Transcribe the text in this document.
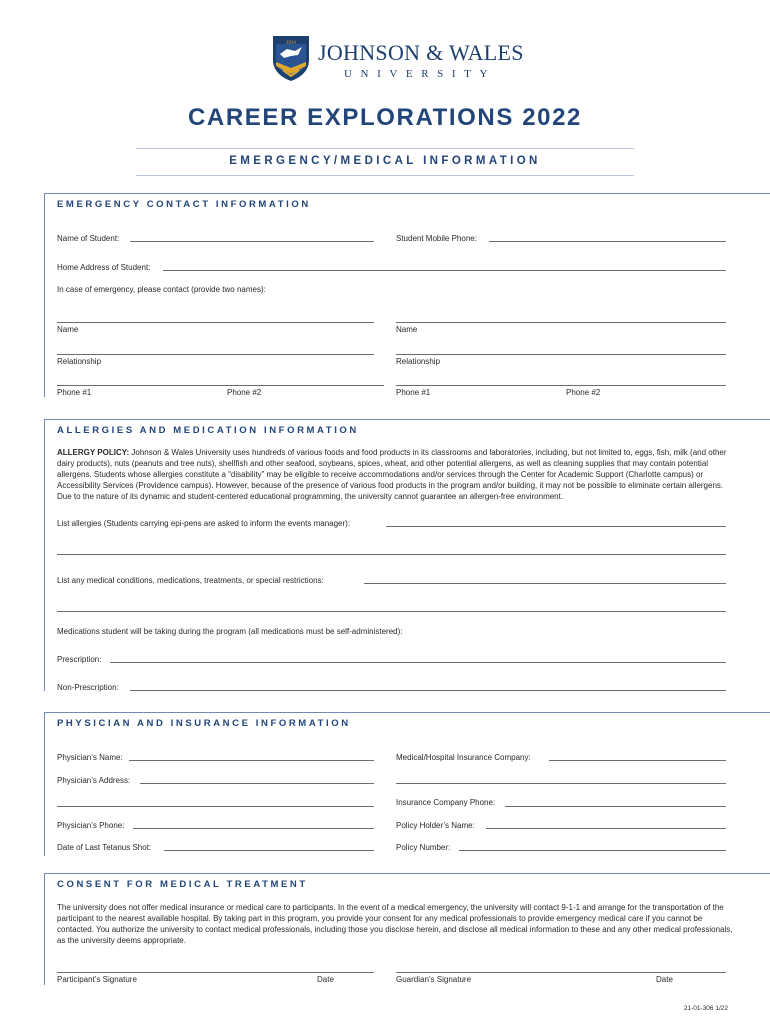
1914 JOHNSON & WALES
UNIVERSITY
CAREER EXPLORATIONS 2022
EMERGENCY/MEDICAL INFORMATION
EMERGENCY CONTACT INFORMATION
Name of Student:	Student Mobile Phone:
Home Address of Student:
In case of emergency, please contact (provide two names):
Name	Name
Relationship	Relationship
Phone #1	Phone #2	Phone #1	Phone #2
ALLERGIES AND MEDICATION INFORMATION
ALLERGY POLICY: Johnson & Wales University uses hundreds of various foods and food products in its classrooms and laboratories, including, but not limited to, eggs, fish, milk (and other dairy products), nuts (peanuts and tree nuts), shellfish and other seafood, soybeans, spices, wheat, and other potential allergens, as well as cleaning supplies that may contain potential allergens. Students whose allergies constitute a “disability” may be eligible to receive accommodations and/or services through the Center for Academic Support (Charlotte campus) or Accessibility Services (Providence campus). However, because of the presence of various food products in the program and/or building, it may not be possible to eliminate certain allergens. Due to the nature of its dynamic and student-centered educational programming, the university cannot guarantee an allergen-free environment.
List allergies (Students carrying epi-pens are asked to inform the events manager):
List any medical conditions, medications, treatments, or special restrictions:
Medications student will be taking during the program (all medications must be self-administered):
Prescription:
Non-Prescription:
PHYSICIAN AND INSURANCE INFORMATION
Physician’s Name:	Medical/Hospital Insurance Company:
Physician’s Address:
Insurance Company Phone:
Physician’s Phone:	Policy Holder’s Name:
Date of Last Tetanus Shot:	Policy Number:
CONSENT FOR MEDICAL TREATMENT
The university does not offer medical insurance or medical care to participants. In the event of a medical emergency, the university will contact 9-1-1 and arrange for the transportation of the participant to the nearest available hospital. By taking part in this program, you provide your consent for any medical professionals to provide emergency medical care if you cannot be contacted. You authorize the university to contact medical professionals, including those you disclose herein, and disclose all medical information to these and any other medical professionals, as the university deems appropriate.
Participant’s Signature	Date	Guardian’s Signature	Date
21-01-306 1/22
